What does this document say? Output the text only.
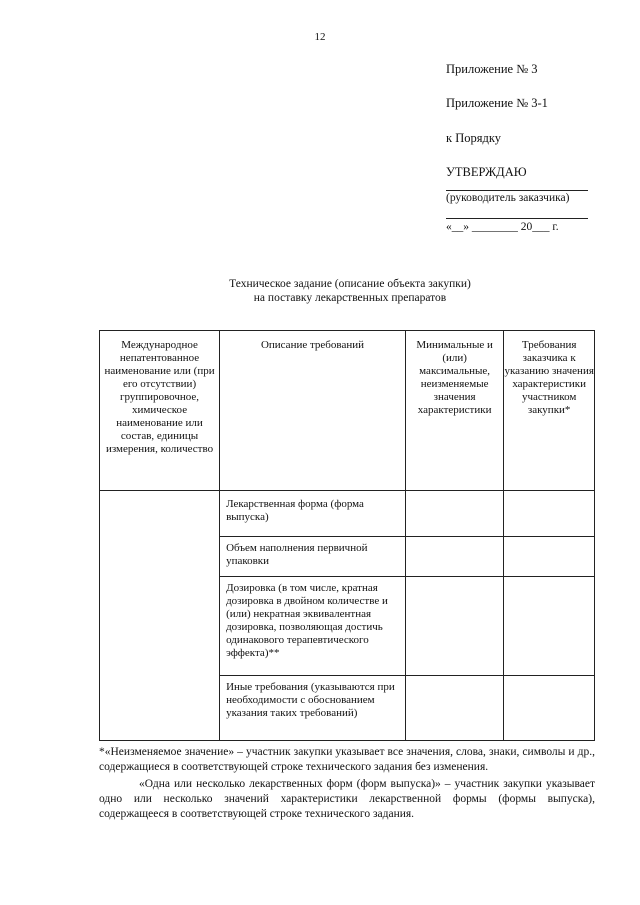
12
Приложение № 3
Приложение № 3-1
к Порядку
УТВЕРЖДАЮ
(руководитель заказчика)
«__» ________ 20___ г.
Техническое задание (описание объекта закупки)
на поставку лекарственных препаратов
Международное непатентованное наименование или (при его отсутствии) группировочное, химическое наименование или состав, единицы измерения, количество	Описание требований	Минимальные и (или) максимальные, неизменяемые значения характеристики	Требования заказчика к указанию значения характеристики участником закупки*
	Лекарственная форма (форма выпуска)		
	Объем наполнения первичной упаковки		
	Дозировка (в том числе, кратная дозировка в двойном количестве и (или) некратная эквивалентная дозировка, позволяющая достичь одинакового терапевтического эффекта)**		
	Иные требования (указываются при необходимости с обоснованием указания таких требований)		

*«Неизменяемое значение» – участник закупки указывает все значения, слова, знаки, символы и др., содержащиеся в соответствующей строке технического задания без изменения.

«Одна или несколько лекарственных форм (форм выпуска)» – участник закупки указывает одно или несколько значений характеристики лекарственной формы (формы выпуска), содержащееся в соответствующей строке технического задания.
